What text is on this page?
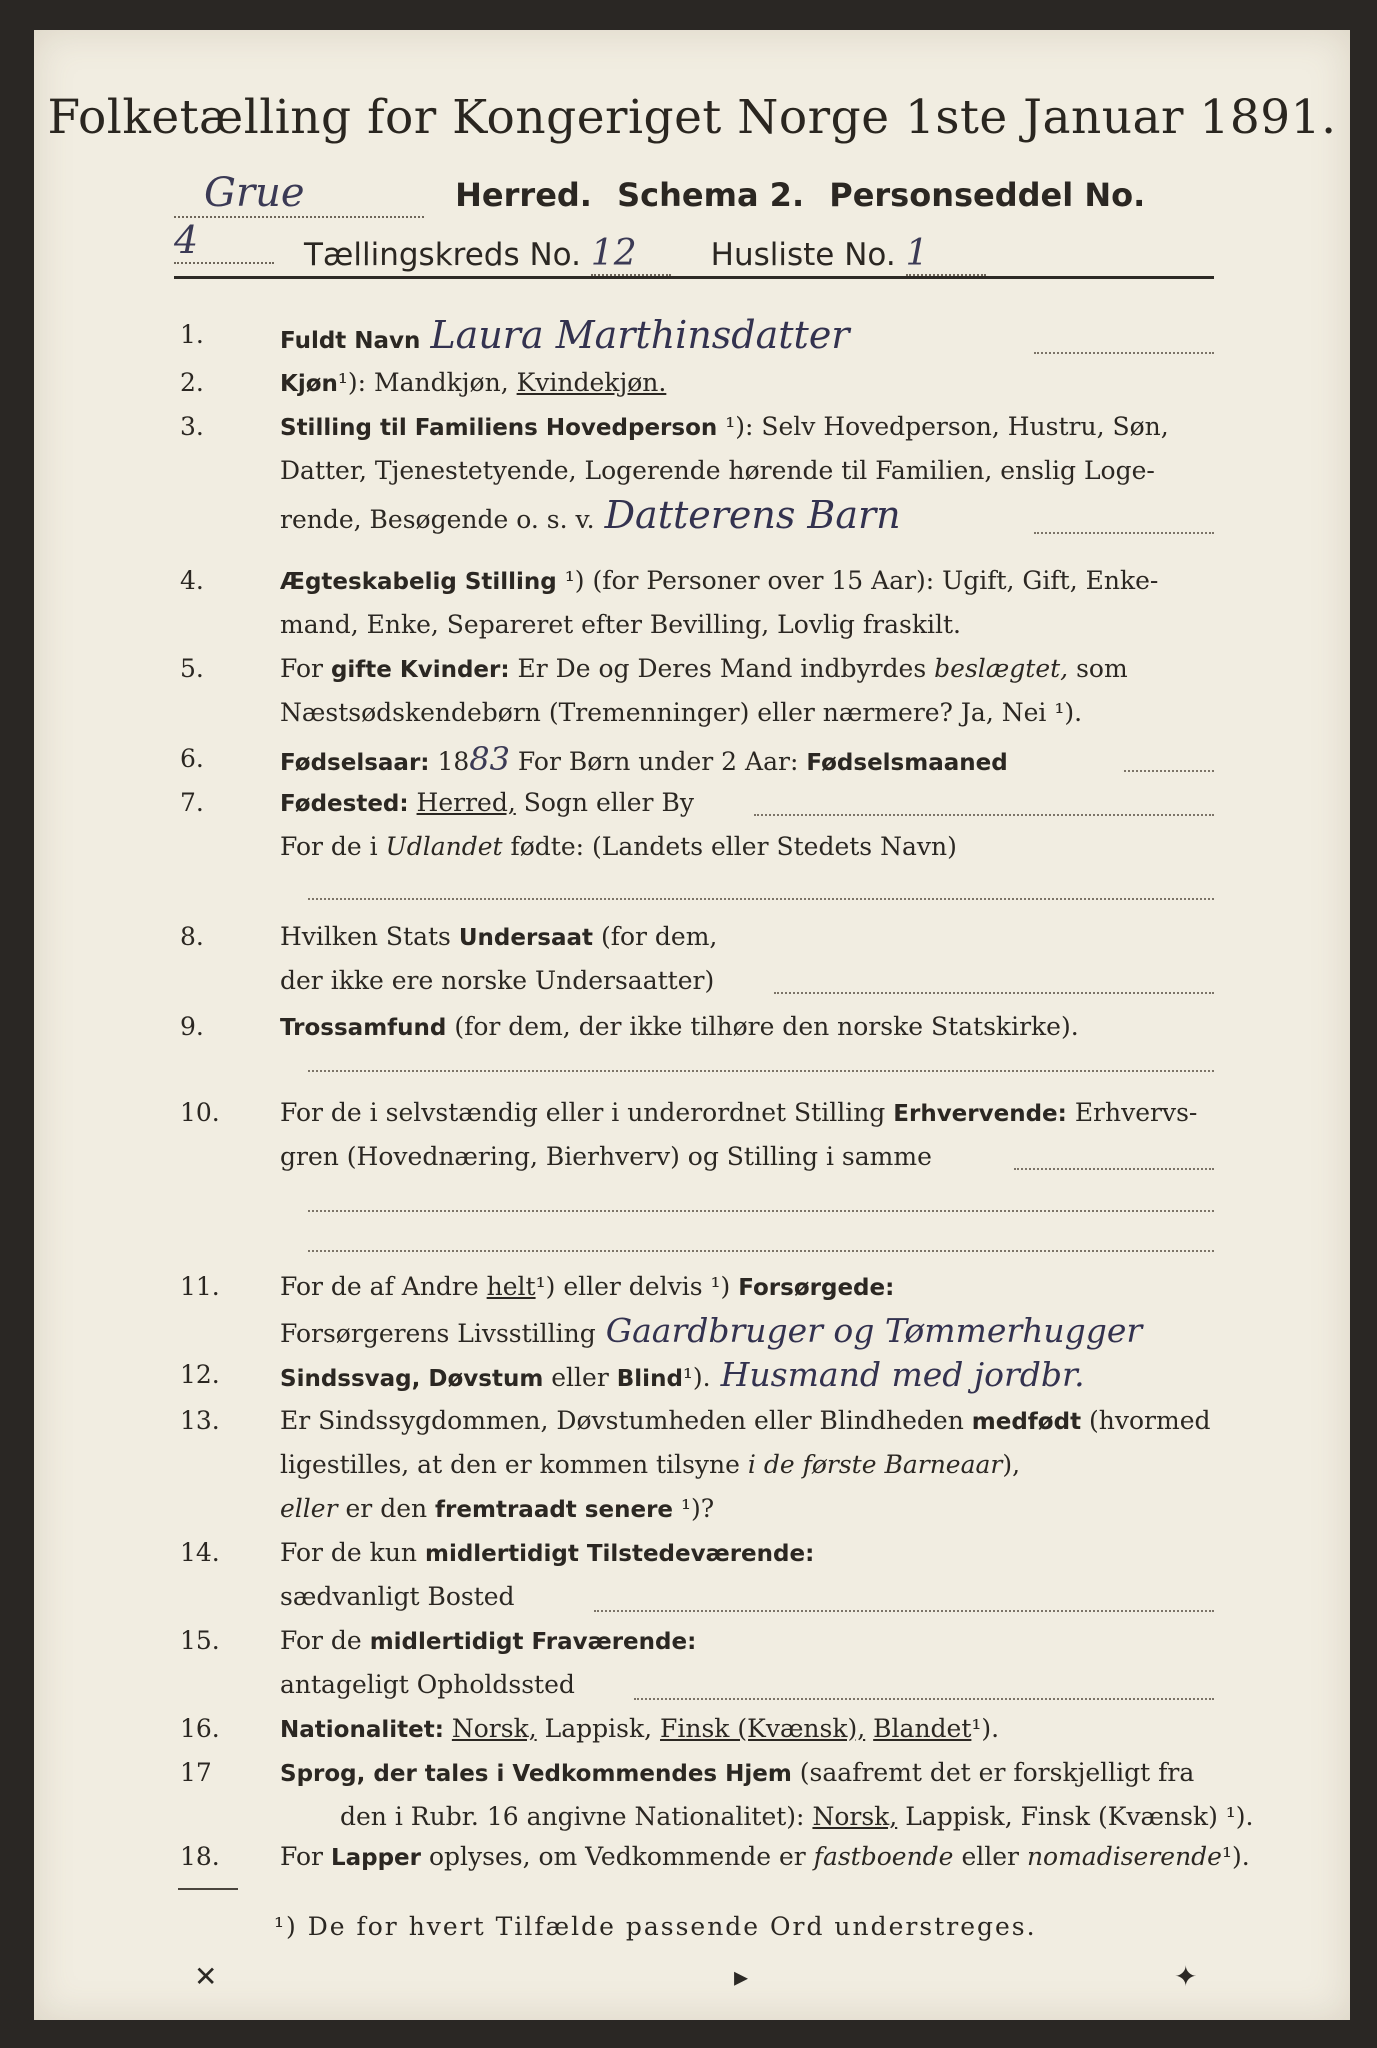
Folketælling for Kongeriget Norge 1ste Januar 1891.
Grue	Herred. Schema 2. Personseddel No. 4	Tællingskreds No. 12 Husliste No. 1
1.	Fuldt Navn Laura Marthinsdatter
2.	Kjøn¹): Mandkjøn, Kvindekjøn.
3.	Stilling til Familiens Hovedperson ¹): Selv Hovedperson, Hustru, Søn,
Datter, Tjenestetyende, Logerende hørende til Familien, enslig Loge-
rende, Besøgende o. s. v. Datterens Barn
4.	Ægteskabelig Stilling ¹) (for Personer over 15 Aar): Ugift, Gift, Enke-
mand, Enke, Separeret efter Bevilling, Lovlig fraskilt.
5.	For gifte Kvinder: Er De og Deres Mand indbyrdes beslægtet, som
Næstsødskendebørn (Tremenninger) eller nærmere? Ja, Nei ¹).
6.	Fødselsaar: 1883 For Børn under 2 Aar: Fødselsmaaned
7.	Fødested: Herred, Sogn eller By
For de i Udlandet fødte: (Landets eller Stedets Navn)
8.	Hvilken Stats Undersaat (for dem,
der ikke ere norske Undersaatter)
9.	Trossamfund (for dem, der ikke tilhøre den norske Statskirke).
10.	For de i selvstændig eller i underordnet Stilling Erhvervende: Erhvervs-
gren (Hovednæring, Bierhverv) og Stilling i samme
11.	For de af Andre helt¹) eller delvis ¹) Forsørgede:
Forsørgerens Livsstilling Gaardbruger og Tømmerhugger
12.	Sindssvag, Døvstum eller Blind¹). Husmand med jordbr.
13.	Er Sindssygdommen, Døvstumheden eller Blindheden medfødt (hvormed
ligestilles, at den er kommen tilsyne i de første Barneaar),
eller er den fremtraadt senere ¹)?
14.	For de kun midlertidigt Tilstedeværende:
sædvanligt Bosted
15.	For de midlertidigt Fraværende:
antageligt Opholdssted
16.	Nationalitet: Norsk, Lappisk, Finsk (Kvænsk), Blandet¹).
17	Sprog, der tales i Vedkommendes Hjem (saafremt det er forskjelligt fra
den i Rubr. 16 angivne Nationalitet): Norsk, Lappisk, Finsk (Kvænsk) ¹).
¹) De for hvert Tilfælde passende Ord understreges.
✕	▸	✦
18.	For Lapper oplyses, om Vedkommende er fastboende eller nomadiserende¹).
